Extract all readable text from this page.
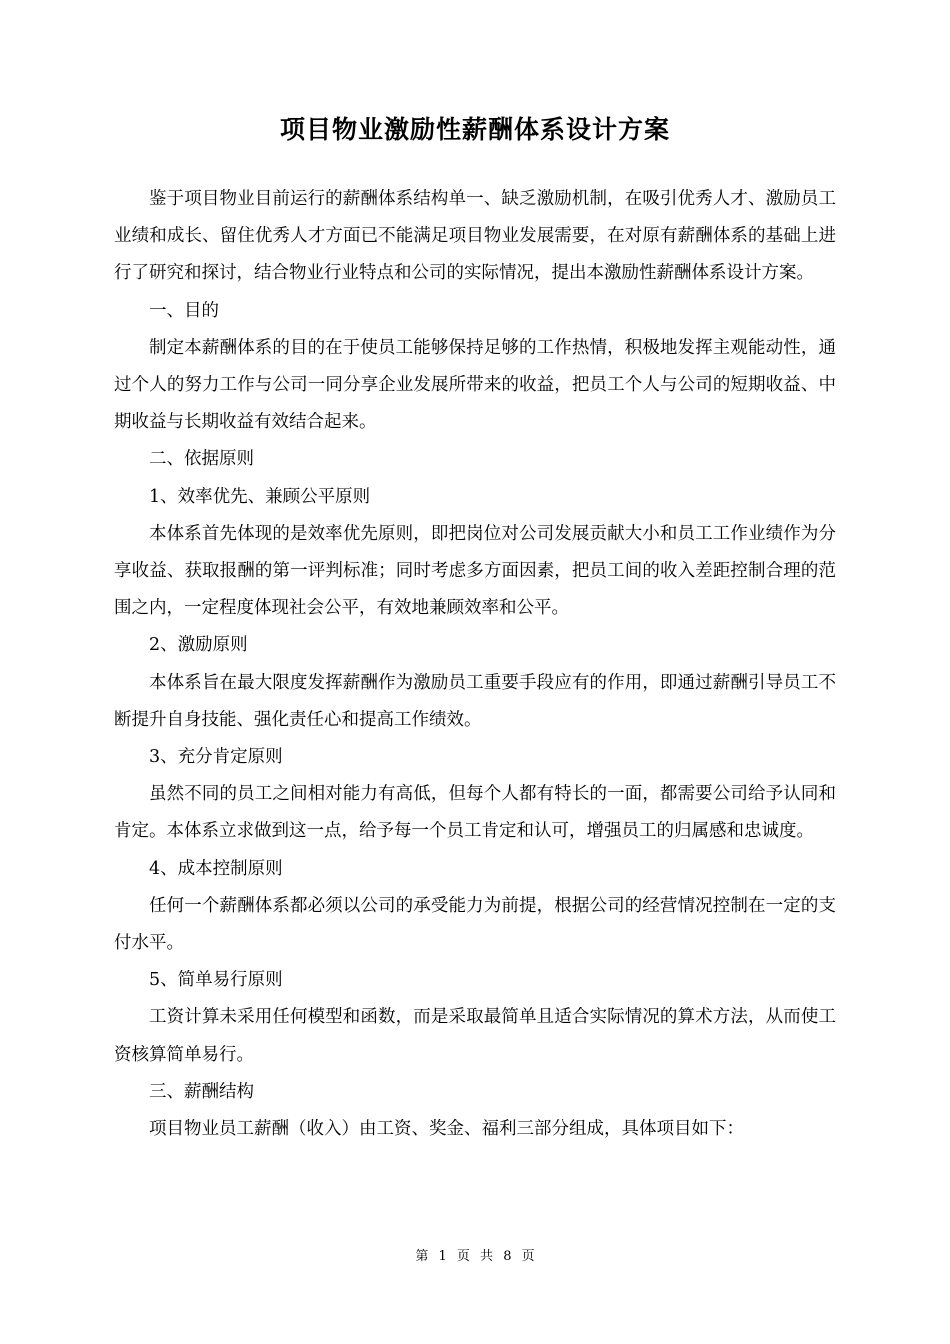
项目物业激励性薪酬体系设计方案

鉴于项目物业目前运行的薪酬体系结构单一、缺乏激励机制，在吸引优秀人才、激励员工业绩和成长、留住优秀人才方面已不能满足项目物业发展需要，在对原有薪酬体系的基础上进行了研究和探讨，结合物业行业特点和公司的实际情况，提出本激励性薪酬体系设计方案。

一、目的

制定本薪酬体系的目的在于使员工能够保持足够的工作热情，积极地发挥主观能动性，通过个人的努力工作与公司一同分享企业发展所带来的收益，把员工个人与公司的短期收益、中期收益与长期收益有效结合起来。

二、依据原则

1、效率优先、兼顾公平原则

本体系首先体现的是效率优先原则，即把岗位对公司发展贡献大小和员工工作业绩作为分享收益、获取报酬的第一评判标准；同时考虑多方面因素，把员工间的收入差距控制合理的范围之内，一定程度体现社会公平，有效地兼顾效率和公平。

2、激励原则

本体系旨在最大限度发挥薪酬作为激励员工重要手段应有的作用，即通过薪酬引导员工不断提升自身技能、强化责任心和提高工作绩效。

3、充分肯定原则

虽然不同的员工之间相对能力有高低，但每个人都有特长的一面，都需要公司给予认同和肯定。本体系立求做到这一点，给予每一个员工肯定和认可，增强员工的归属感和忠诚度。

4、成本控制原则

任何一个薪酬体系都必须以公司的承受能力为前提，根据公司的经营情况控制在一定的支付水平。

5、简单易行原则

工资计算未采用任何模型和函数，而是采取最简单且适合实际情况的算术方法，从而使工资核算简单易行。

三、薪酬结构

项目物业员工薪酬（收入）由工资、奖金、福利三部分组成，具体项目如下：

第 1 页 共 8 页
